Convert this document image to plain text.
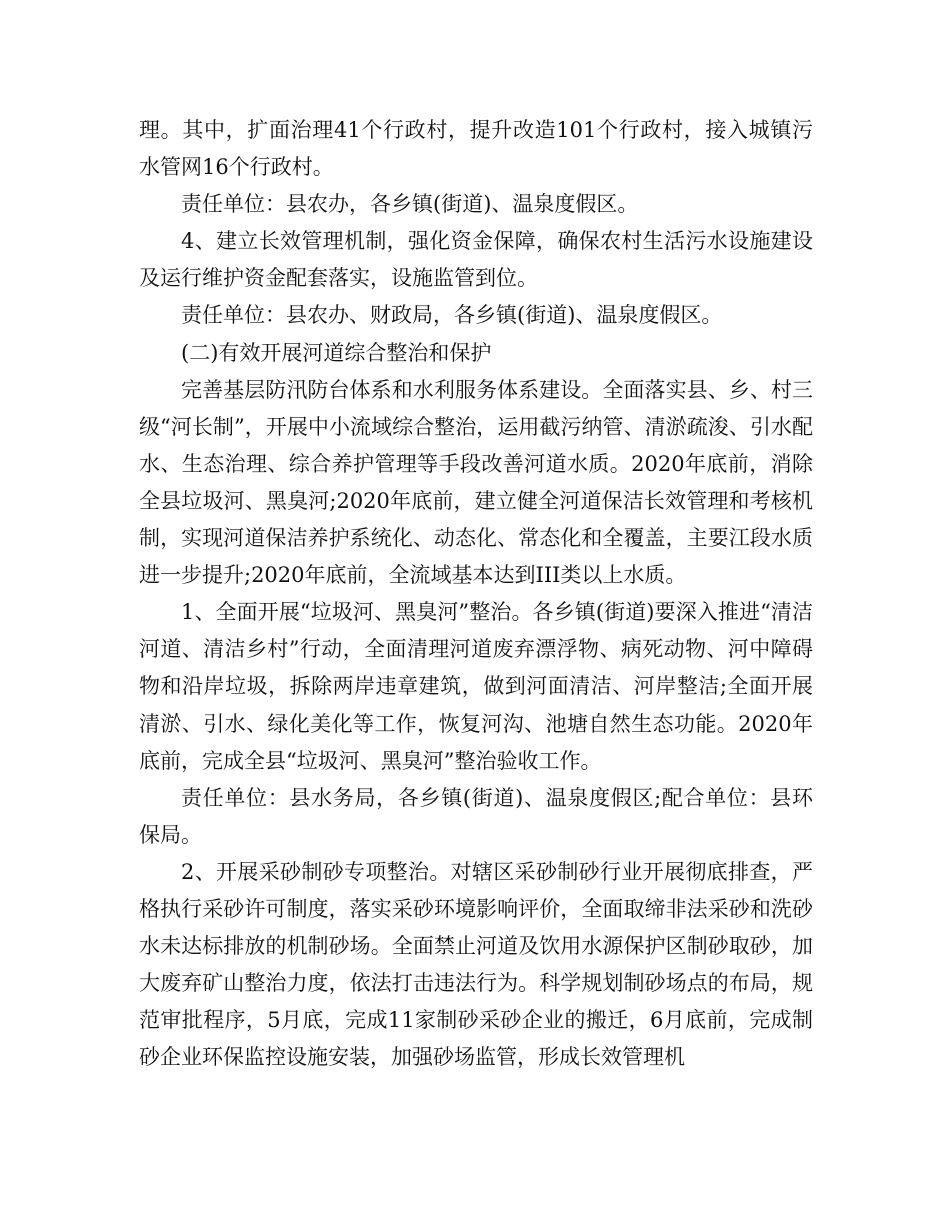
理。其中，扩面治理41个行政村，提升改造101个行政村，接入城镇污水管网16个行政村。

责任单位：县农办，各乡镇(街道)、温泉度假区。

4、建立长效管理机制，强化资金保障，确保农村生活污水设施建设及运行维护资金配套落实，设施监管到位。

责任单位：县农办、财政局，各乡镇(街道)、温泉度假区。

(二)有效开展河道综合整治和保护

完善基层防汛防台体系和水利服务体系建设。全面落实县、乡、村三级“河长制”，开展中小流域综合整治，运用截污纳管、清淤疏浚、引水配水、生态治理、综合养护管理等手段改善河道水质。2020年底前，消除全县垃圾河、黑臭河;2020年底前，建立健全河道保洁长效管理和考核机制，实现河道保洁养护系统化、动态化、常态化和全覆盖，主要江段水质进一步提升;2020年底前，全流域基本达到III类以上水质。

1、全面开展“垃圾河、黑臭河”整治。各乡镇(街道)要深入推进“清洁河道、清洁乡村”行动，全面清理河道废弃漂浮物、病死动物、河中障碍物和沿岸垃圾，拆除两岸违章建筑，做到河面清洁、河岸整洁;全面开展清淤、引水、绿化美化等工作，恢复河沟、池塘自然生态功能。2020年底前，完成全县“垃圾河、黑臭河”整治验收工作。

责任单位：县水务局，各乡镇(街道)、温泉度假区;配合单位：县环保局。

2、开展采砂制砂专项整治。对辖区采砂制砂行业开展彻底排查，严格执行采砂许可制度，落实采砂环境影响评价，全面取缔非法采砂和洗砂水未达标排放的机制砂场。全面禁止河道及饮用水源保护区制砂取砂，加大废弃矿山整治力度，依法打击违法行为。科学规划制砂场点的布局，规范审批程序，5月底，完成11家制砂采砂企业的搬迁，6月底前，完成制砂企业环保监控设施安装，加强砂场监管，形成长效管理机
